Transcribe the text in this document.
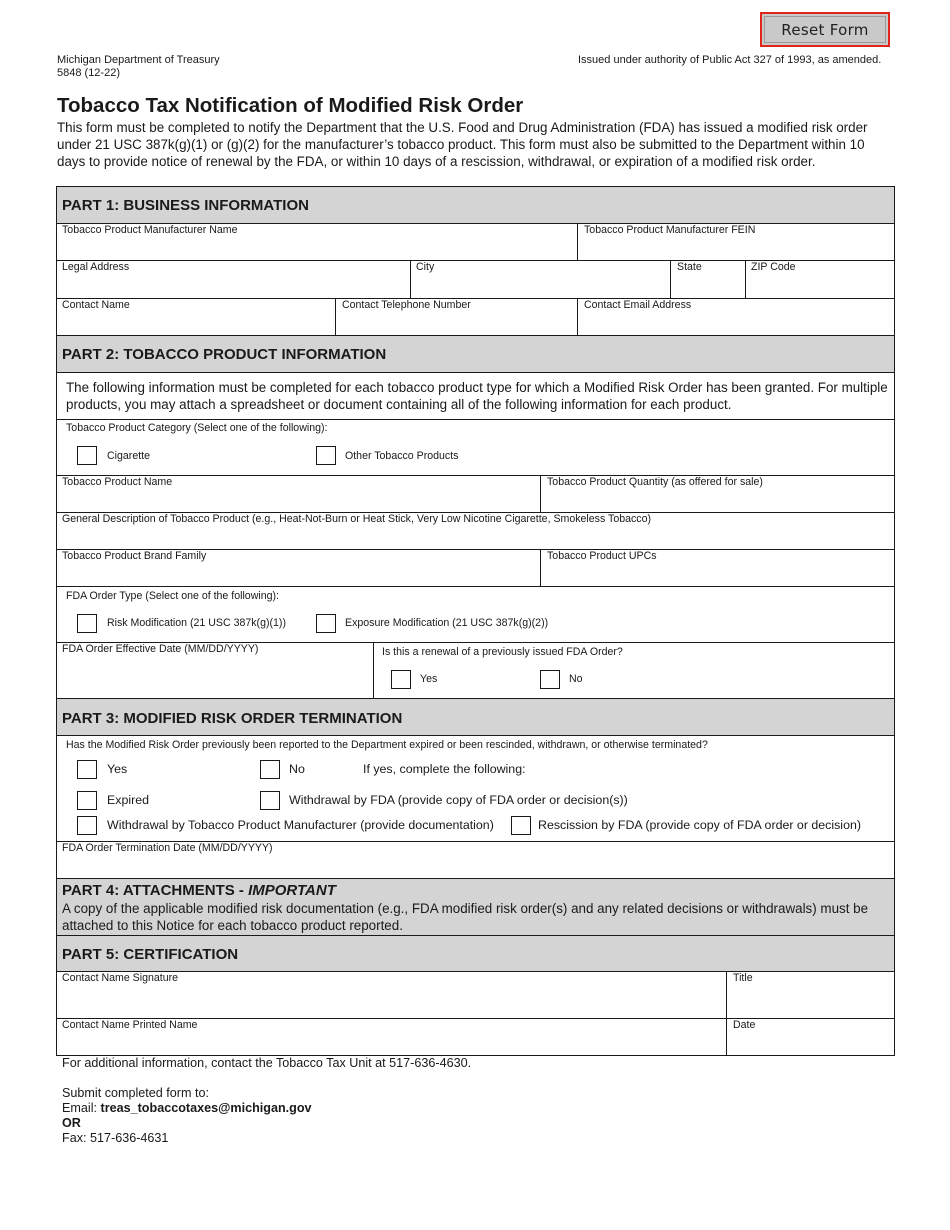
Reset Form
Michigan Department of Treasury
5848 (12-22)
Issued under authority of Public Act 327 of 1993, as amended.
Tobacco Tax Notification of Modified Risk Order
This form must be completed to notify the Department that the U.S. Food and Drug Administration (FDA) has issued a modified risk order under 21 USC 387k(g)(1) or (g)(2) for the manufacturer’s tobacco product. This form must also be submitted to the Department within 10 days to provide notice of renewal by the FDA, or within 10 days of a rescission, withdrawal, or expiration of a modified risk order.
PART 1: BUSINESS INFORMATION
Tobacco Product Manufacturer Name	Tobacco Product Manufacturer FEIN
Legal Address	City	State	ZIP Code
Contact Name	Contact Telephone Number	Contact Email Address
PART 2: TOBACCO PRODUCT INFORMATION
The following information must be completed for each tobacco product type for which a Modified Risk Order has been granted. For multiple products, you may attach a spreadsheet or document containing all of the following information for each product.
Tobacco Product Category (Select one of the following):
Cigarette	Other Tobacco Products
Tobacco Product Name	Tobacco Product Quantity (as offered for sale)
General Description of Tobacco Product (e.g., Heat-Not-Burn or Heat Stick, Very Low Nicotine Cigarette, Smokeless Tobacco)
Tobacco Product Brand Family	Tobacco Product UPCs
FDA Order Type (Select one of the following):
Risk Modification (21 USC 387k(g)(1))	Exposure Modification (21 USC 387k(g)(2))
FDA Order Effective Date (MM/DD/YYYY)	Is this a renewal of a previously issued FDA Order?
Yes	No
PART 3: MODIFIED RISK ORDER TERMINATION
Has the Modified Risk Order previously been reported to the Department expired or been rescinded, withdrawn, or otherwise terminated?
Yes	No	If yes, complete the following:
Expired	Withdrawal by FDA (provide copy of FDA order or decision(s))
Withdrawal by Tobacco Product Manufacturer (provide documentation)	Rescission by FDA (provide copy of FDA order or decision)
FDA Order Termination Date (MM/DD/YYYY)
PART 4: ATTACHMENTS - IMPORTANT
A copy of the applicable modified risk documentation (e.g., FDA modified risk order(s) and any related decisions or withdrawals) must be attached to this Notice for each tobacco product reported.
PART 5: CERTIFICATION
Contact Name Signature	Title
Contact Name Printed Name	Date
For additional information, contact the Tobacco Tax Unit at 517-636-4630.
Submit completed form to:
Email: treas_tobaccotaxes@michigan.gov
OR
Fax: 517-636-4631
